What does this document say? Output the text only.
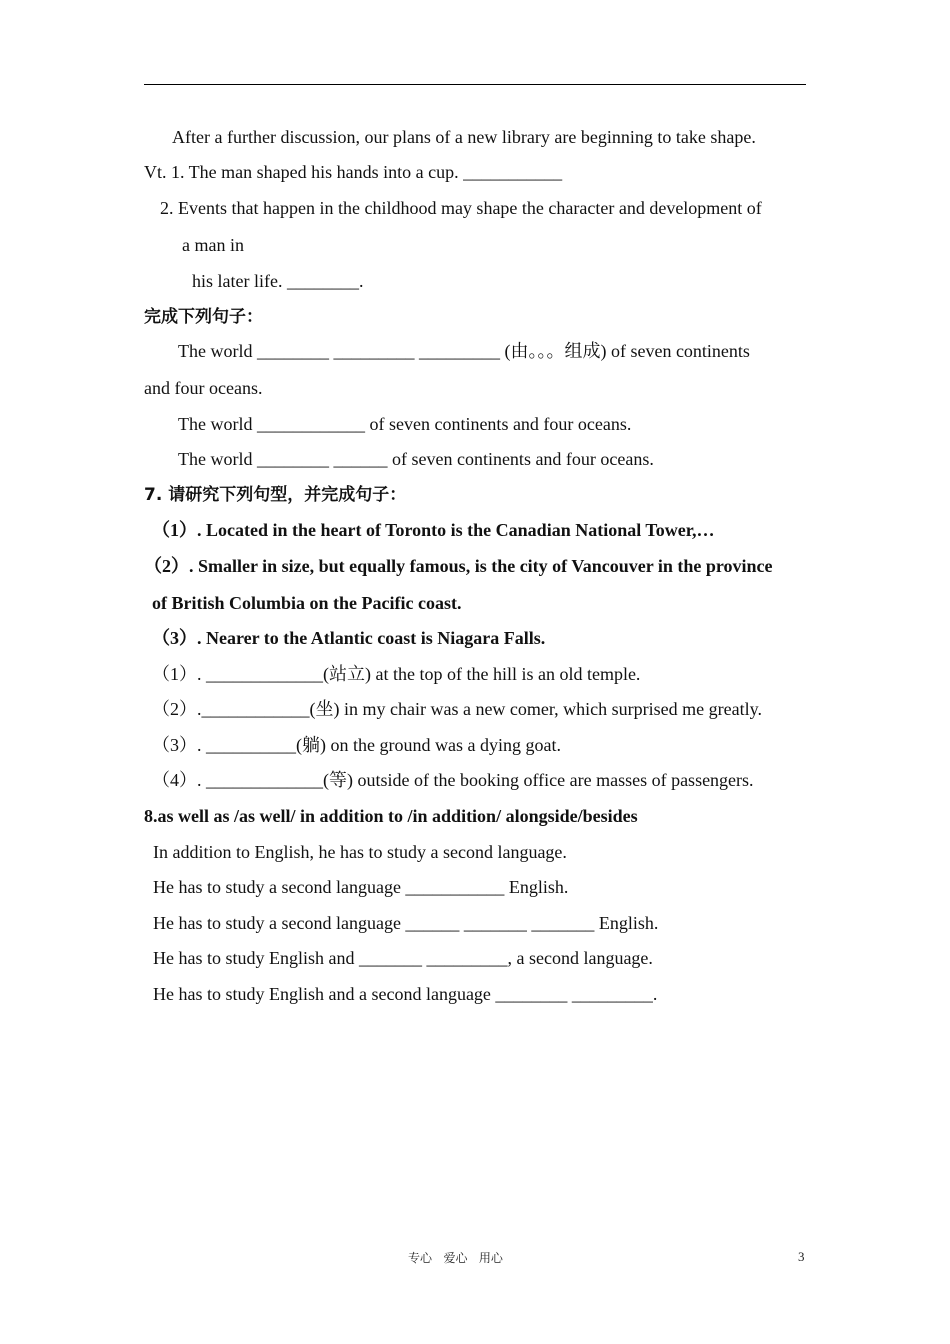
After a further discussion, our plans of a new library are beginning to take shape.
Vt. 1. The man shaped his hands into a cup. ___________
2. Events that happen in the childhood may shape the character and development of
a man in
his later life. ________.
完成下列句子：
The world ________ _________ _________ (由。。。组成) of seven continents
and four oceans.
The world ____________ of seven continents and four oceans.
The world ________ ______ of seven continents and four oceans.
7. 请研究下列句型，并完成句子：
（1）. Located in the heart of Toronto is the Canadian National Tower,…
（2）. Smaller in size, but equally famous, is the city of Vancouver in the province
of British Columbia on the Pacific coast.
（3）. Nearer to the Atlantic coast is Niagara Falls.
（1）. _____________(站立) at the top of the hill is an old temple.
（2）.____________(坐) in my chair was a new comer, which surprised me greatly.
（3）. __________(躺) on the ground was a dying goat.
（4）. _____________(等) outside of the booking office are masses of passengers.
8.as well as /as well/ in addition to /in addition/ alongside/besides
In addition to English, he has to study a second language.
He has to study a second language ___________ English.
He has to study a second language ______ _______ _______ English.
He has to study English and _______ _________, a second language.
He has to study English and a second language ________ _________.
专心   爱心   用心	3
